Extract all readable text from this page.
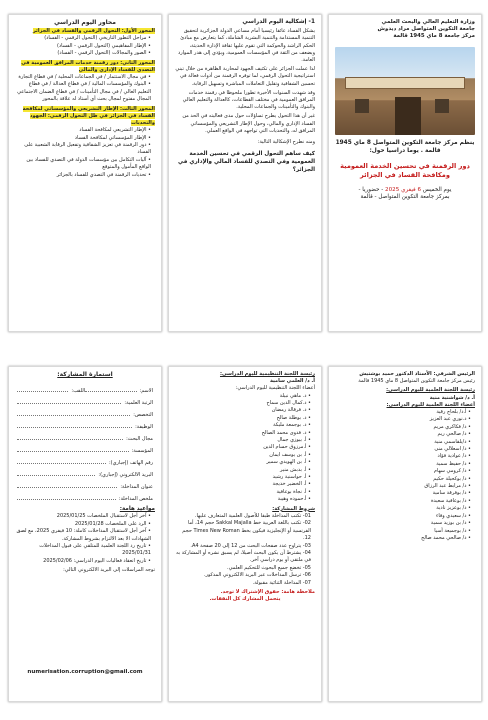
محاور اليوم الدراسي
المحور الأول: التحول الرقمي والفساد في الجزائر
• مراحل التطور التاريخي (التحول الرقمي - الفساد)
• الإطار المفاهيمي (التحول الرقمي - الفساد)
• الصور والمجالات (التحول الرقمي - الفساد)
المحور الثاني: دور رقمنة خدمات المرافق العمومية في التصدي للفساد الإداري والمالي
• في مجال الاستثمار / في الجماعات المحلية / في قطاع التجارة
• البنوك والمؤسسات المالية / في قطاع العدالة / في قطاع التعليم العالي / في مجال التأمينات / في قطاع الضمان الاجتماعي
المجال مفتوح لمجال بحث أي أستاذ له علاقة بالمحور
المحور الثالث: الإطار التشريعي والمؤسساتي لمكافحة الفساد في الجزائر في ظل التحول الرقمي: الجهود والتحديات
• الإطار التشريعي لمكافحة الفساد
• الإطار المؤسساتي لمكافحة الفساد
• دور الرقمنة في تعزيز الشفافية وتفعيل الرقابة الشعبية على الفساد
• آليات التكامل بين مؤسسات الدولة في التصدي للفساد بين الواقع المأمول والمتوقع
• تحديات الرقمنة في التصدي للفساد بالجزائر
1- إشكالية اليوم الدراسي
يشكل الفساد عائقا رئيسيا أمام مساعي الدولة الجزائرية لتحقيق التنمية المستدامة والتنمية البشرية الشاملة، كما يتعارض مع مبادئ الحكم الراشد والحوكمة التي تقوم عليها ثقافة الإدارة الحديثة، ويضعف من الثقة في المؤسسات العمومية، ويؤدي إلى هدر الموارد العامة.
لذا عملت الجزائر على تكثيف الجهود لمحاربة الظاهرة من خلال تبني استراتيجية التحول الرقمي، لما توفره الرقمنة من أدوات فعالة في تحسين الشفافية وتقليل التعاملات المباشرة وتسهيل الرقابة.
وقد شهدت السنوات الأخيرة تطورا ملحوظا في رقمنة خدمات المرافق العمومية في مختلف القطاعات، كالعدالة والتعليم العالي والبنوك والتأمينات والجماعات المحلية.
غير أن هذا التحول يطرح تساؤلات حول مدى فعاليته في الحد من الفساد الإداري والمالي، وحول الإطار التشريعي والمؤسساتي المرافق له، والتحديات التي تواجهه في الواقع العملي.
ومنه نطرح الإشكالية التالية:
كيف ساهم التحول الرقمي في تحسين الخدمة العمومية وفي التصدي للفساد المالي والإداري في الجزائر؟
وزارة التعليم العالي والبحث العلمي
جامعة التكوين المتواصل مراد ديدوش
مركز جامعة 8 ماي 1945 قالمة
ينظم مركز جامعة التكوين المتواصل 8 ماي 1945 قالمة . يوما دراسيا حول:
دور الرقمنة في تحسين الخدمة العمومية ومكافحة الفساد في الجزائر
يوم الخميس 6 فيفري 2025 - حضوريا -
بمركز جامعة التكوين المتواصل - قالمة
استمارة المشاركة:
الاسم:
اللقب:
الرتبة العلمية:
التخصص:
الوظيفة:
مجال البحث:
المؤسسة:
رقم الهاتف (إجباري):
البريد الالكتروني (إجباري):
عنوان المداخلة:
ملخص المداخلة:
مواعيد هامة:
• آخر أجل لاستقبال الملخصات 2025/01/25
• الرد على الملخصات 2025/01/28
• آخر أجل لاستقبال المداخلات كاملة: 10 فيفري 2025، مع لصق الشهادات الا بعد الالتزام بشروط المشاركة.
• تاريخ رد اللجنة العلمية للمتلقي على قبول المداخلات 2025/01/31
• تاريخ انعقاد فعاليات اليوم الدراسي: 2025/02/06
توجه المراسلات إلى البريد الالكتروني التالي:
numerisation.corruption@gmail.com
رئيسة اللجنة التنظيمية لليوم الدراسي:
أ. د/ العلمي سامية
أعضاء اللجنة التنظيمية لليوم الدراسي:
• د. ماهي نبيلة
• د.كمال الدين سماح
• د. فرقالة رمضان
• د. بوطلة صالح
• د. بوجمعة مليكة
• د. فدوى محمد الصالح
• أ. بيوزي جمال
• أ.مرزوق حسام الدين
• أ. بن يوسف ايمان
• أ. بن الهويدي سمير
• أ. بدبش منير
• أ. حواسنية رشيد
• أ. الخضير خديجة
• أ. نجاة بوعافية
• أ.حموده وهيبة
شروط المشاركة:
01- تكتب المداخلة طبقا للأصول العلمية المتعارف عليها.
02- تكتب باللغة العربية خط Sakkal Majalla حجم 14، أما الفرنسية أو الإنجليزية فيكون بخط Times New Roman حجم 12.
03- يتراوح عدد صفحات البحث من 12 إلى 20 صفحة A4.
04- يشترط أن يكون البحث أصيلا، لم يسبق نشره أو المشاركة به في ملتقى أو يوم دراسي آخر.
05- تخضع جميع البحوث للتحكيم العلمي.
06- ترسل المداخلات عبر البريد الالكتروني المذكور.
07- المداخلة الثنائية مقبولة.
ملاحظة هامة: حقوق الإشتراك لا توجد.
يتحمل المشارك كل النفقات.
الرئيس الشرفي: الأستاذ الدكتور حميد بوشتيش
رئيس مركز جامعة التكوين المتواصل 8 ماي 1945 قالمة
رئيسة اللجنة العلمية لليوم الدراسي:
أ. د/ شواشنية منية
أعضاء اللجنة العلمية لليوم الدراسي:
• أ.د/ بلحاج رقية
• د.نوري عبد العزيز
• د/ فكاكري مريم
• د/ صالحي ريم
• د/بلقاسمي منية
• د/ اسعلالي منى
• د/ عوادية فؤاد
• د/ حفيظ سمية
• د/ كرومي سهام
• د/ بوكحيلة حكيم
• د/ مرابط عبد الرزاق
• د/ بوفرقة سامية
• د/ بوعافية سعيدة
• د/ بوعزيز نادية
• د/ سعيدي وفاء
• د/ بن بوزيد سمية
• د/ بوجميعة أسيا
• د/ صالحي محمد صالح
